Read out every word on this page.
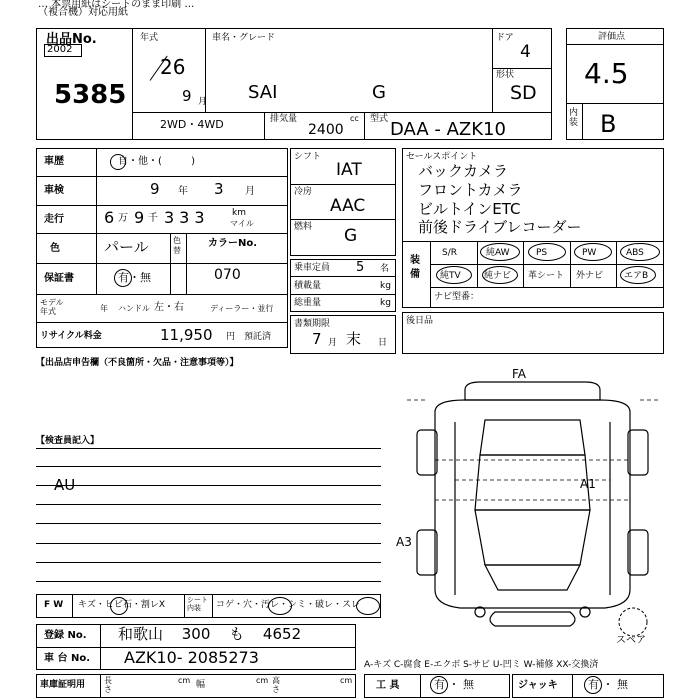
… 本票用紙はシートのまま印刷 …
（複合機）対応用紙
出品No.
2002
5385
年式
26
9 月
車名・グレード
SAI	G
ドア
4
形状
SD
2WD・4WD	排気量
2400
cc 型式 DAA - AZK10
評価点
4.5
内装 B
車歴	自・他・( )
車検	9 年 3 月
走行	6 万 9 千 333 km
マイル
色	パール	色替
カラーNo.
070
保証書	有・無
モデル
年式	年 ハンドル 左・右	ディーラー・並行
リサイクル料金	11,950 円 預託済
シフト
IAT
冷房
AAC
燃料 G
乗車定員 5 名
積載量	kg
総重量	kg
書類期限
7 月 末 日
セールスポイント
バックカメラ
フロントカメラ
ビルトインETC
前後ドライブレコーダー
装備
S/R	純AW	PS	PW	ABS
純TV	純ナビ 革シート 外ナビ エアB
ナビ型番：
後日品
【出品店申告欄（不良箇所・欠品・注意事項等）】
【検査員記入】
AU
FA
A1
A3
スペア
F W キズ・ヒビ石・割レX	シート内装	コゲ・穴・汚レ・シミ・破レ・スレ
登録 No. 和歌山 300 も 4652
車 台 No. AZK10- 2085273	A-キズ C-腐食 E-エクボ S-サビ U-凹ミ W-補修 XX-交換済
車庫証明用 長さ
cm 幅	cm 高さ
cm 工 具	有 ・ 無	ジャッキ	有 ・ 無
